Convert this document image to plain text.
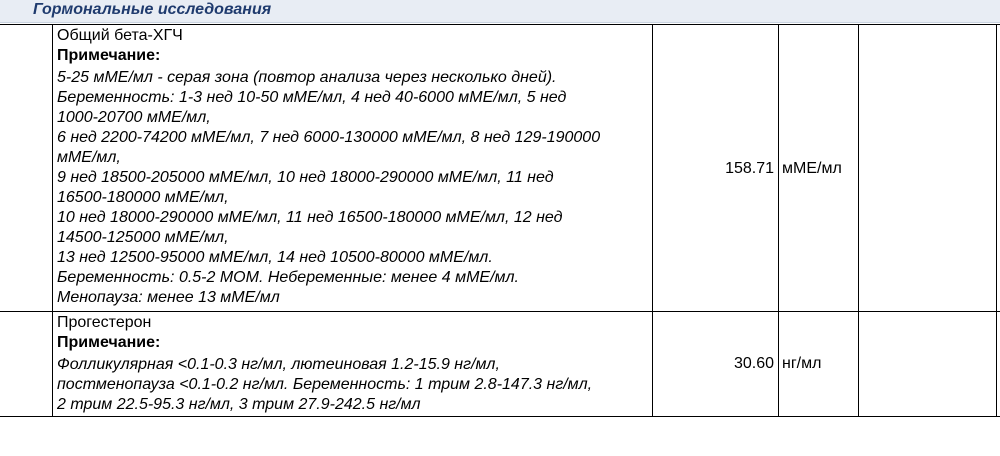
Гормональные исследования
Общий бета-ХГЧ
Примечание:
5-25 мМЕ/мл - серая зона (повтор анализа через несколько дней).
Беременность: 1-3 нед 10-50 мМЕ/мл, 4 нед 40-6000 мМЕ/мл, 5 нед
1000-20700 мМЕ/мл,
6 нед 2200-74200 мМЕ/мл, 7 нед 6000-130000 мМЕ/мл, 8 нед 129-190000
мМЕ/мл,
9 нед 18500-205000 мМЕ/мл, 10 нед 18000-290000 мМЕ/мл, 11 нед
16500-180000 мМЕ/мл,
10 нед 18000-290000 мМЕ/мл, 11 нед 16500-180000 мМЕ/мл, 12 нед
14500-125000 мМЕ/мл,
13 нед 12500-95000 мМЕ/мл, 14 нед 10500-80000 мМЕ/мл.
Беременность: 0.5-2 МОМ. Небеременные: менее 4 мМЕ/мл.
Менопауза: менее 13 мМЕ/мл
158.71 мМЕ/мл
Прогестерон
Примечание:
Фолликулярная <0.1-0.3 нг/мл, лютеиновая 1.2-15.9 нг/мл,
постменопауза <0.1-0.2 нг/мл. Беременность: 1 трим 2.8-147.3 нг/мл,
2 трим 22.5-95.3 нг/мл, 3 трим 27.9-242.5 нг/мл
30.60 нг/мл
